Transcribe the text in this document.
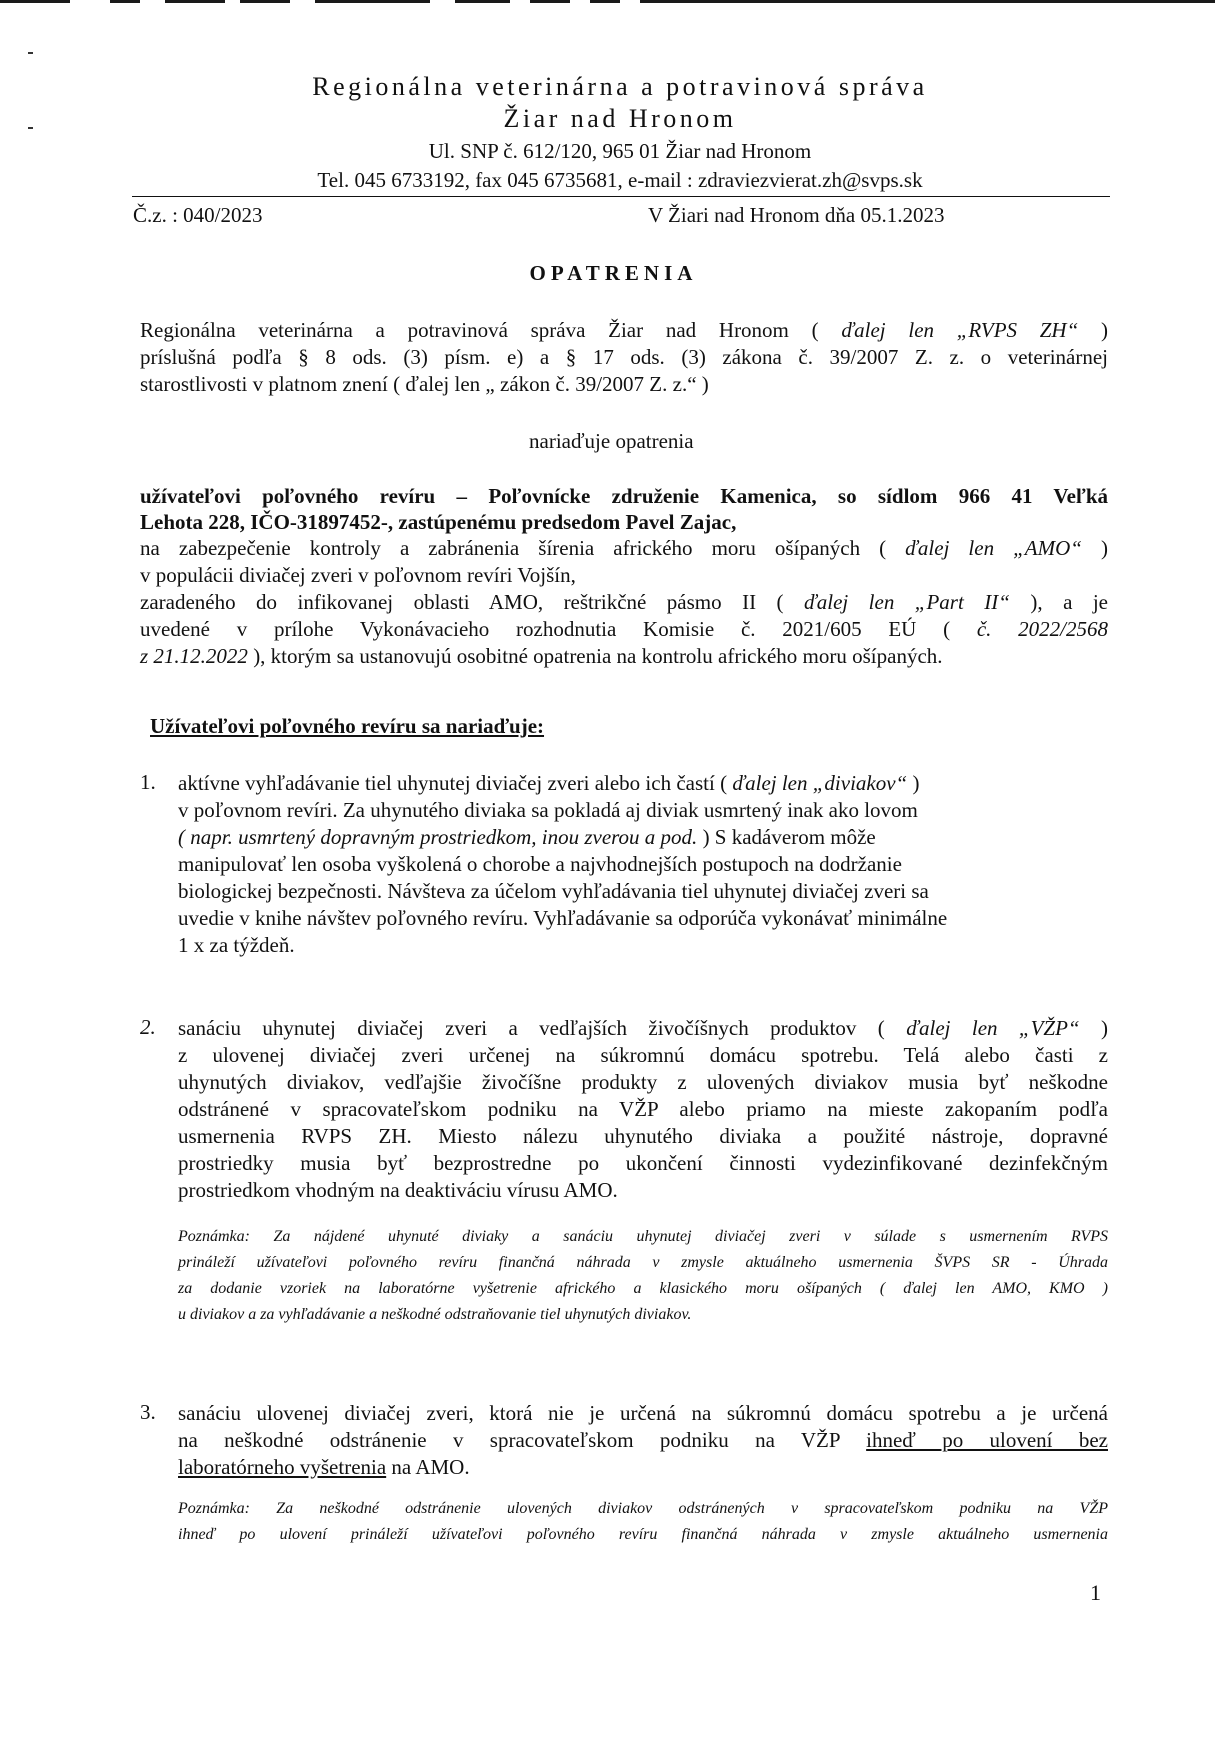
Regionálna veterinárna a potravinová správa
Žiar nad Hronom
Ul. SNP č. 612/120, 965 01 Žiar nad Hronom
Tel. 045 6733192, fax 045 6735681, e-mail : zdraviezvierat.zh@svps.sk
Č.z. : 040/2023	V Žiari nad Hronom dňa 05.1.2023
OPATRENIA
Regionálna veterinárna a potravinová správa Žiar nad Hronom ( ďalej len „RVPS ZH“ )
príslušná podľa § 8 ods. (3) písm. e) a § 17 ods. (3) zákona č. 39/2007 Z. z. o veterinárnej
starostlivosti v platnom znení ( ďalej len „ zákon č. 39/2007 Z. z.“ )
nariaďuje opatrenia
užívateľovi poľovného revíru – Poľovnícke združenie Kamenica, so sídlom 966 41 Veľká
Lehota 228, IČO-31897452-, zastúpenému predsedom Pavel Zajac,
na zabezpečenie kontroly a zabránenia šírenia afrického moru ošípaných ( ďalej len „AMO“ )
v populácii diviačej zveri v poľovnom revíri Vojšín,
zaradeného do infikovanej oblasti AMO, reštrikčné pásmo II ( ďalej len „Part II“ ), a je
uvedené v prílohe Vykonávacieho rozhodnutia Komisie č. 2021/605 EÚ ( č. 2022/2568
z 21.12.2022 ), ktorým sa ustanovujú osobitné opatrenia na kontrolu afrického moru ošípaných.
Užívateľovi poľovného revíru sa nariaďuje:
1. aktívne vyhľadávanie tiel uhynutej diviačej zveri alebo ich častí ( ďalej len „diviakov“ )
v poľovnom revíri. Za uhynutého diviaka sa pokladá aj diviak usmrtený inak ako lovom
( napr. usmrtený dopravným prostriedkom, inou zverou a pod. ) S kadáverom môže
manipulovať len osoba vyškolená o chorobe a najvhodnejších postupoch na dodržanie
biologickej bezpečnosti. Návšteva za účelom vyhľadávania tiel uhynutej diviačej zveri sa
uvedie v knihe návštev poľovného revíru. Vyhľadávanie sa odporúča vykonávať minimálne
1 x za týždeň.
2. sanáciu uhynutej diviačej zveri a vedľajších živočíšnych produktov ( ďalej len „VŽP“ )
z ulovenej diviačej zveri určenej na súkromnú domácu spotrebu. Telá alebo časti z
uhynutých diviakov, vedľajšie živočíšne produkty z ulovených diviakov musia byť neškodne
odstránené v spracovateľskom podniku na VŽP alebo priamo na mieste zakopaním podľa
usmernenia RVPS ZH. Miesto nálezu uhynutého diviaka a použité nástroje, dopravné
prostriedky musia byť bezprostredne po ukončení činnosti vydezinfikované dezinfekčným
prostriedkom vhodným na deaktiváciu vírusu AMO.
Poznámka: Za nájdené uhynuté diviaky a sanáciu uhynutej diviačej zveri v súlade s usmernením RVPS
prináleží užívateľovi poľovného revíru finančná náhrada v zmysle aktuálneho usmernenia ŠVPS SR - Úhrada
za dodanie vzoriek na laboratórne vyšetrenie afrického a klasického moru ošípaných ( ďalej len AMO, KMO )
u diviakov a za vyhľadávanie a neškodné odstraňovanie tiel uhynutých diviakov.
3. sanáciu ulovenej diviačej zveri, ktorá nie je určená na súkromnú domácu spotrebu a je určená
na neškodné odstránenie v spracovateľskom podniku na VŽP ihneď po ulovení bez
laboratórneho vyšetrenia na AMO.
Poznámka: Za neškodné odstránenie ulovených diviakov odstránených v spracovateľskom podniku na VŽP
ihneď po ulovení prináleží užívateľovi poľovného revíru finančná náhrada v zmysle aktuálneho usmernenia
1
